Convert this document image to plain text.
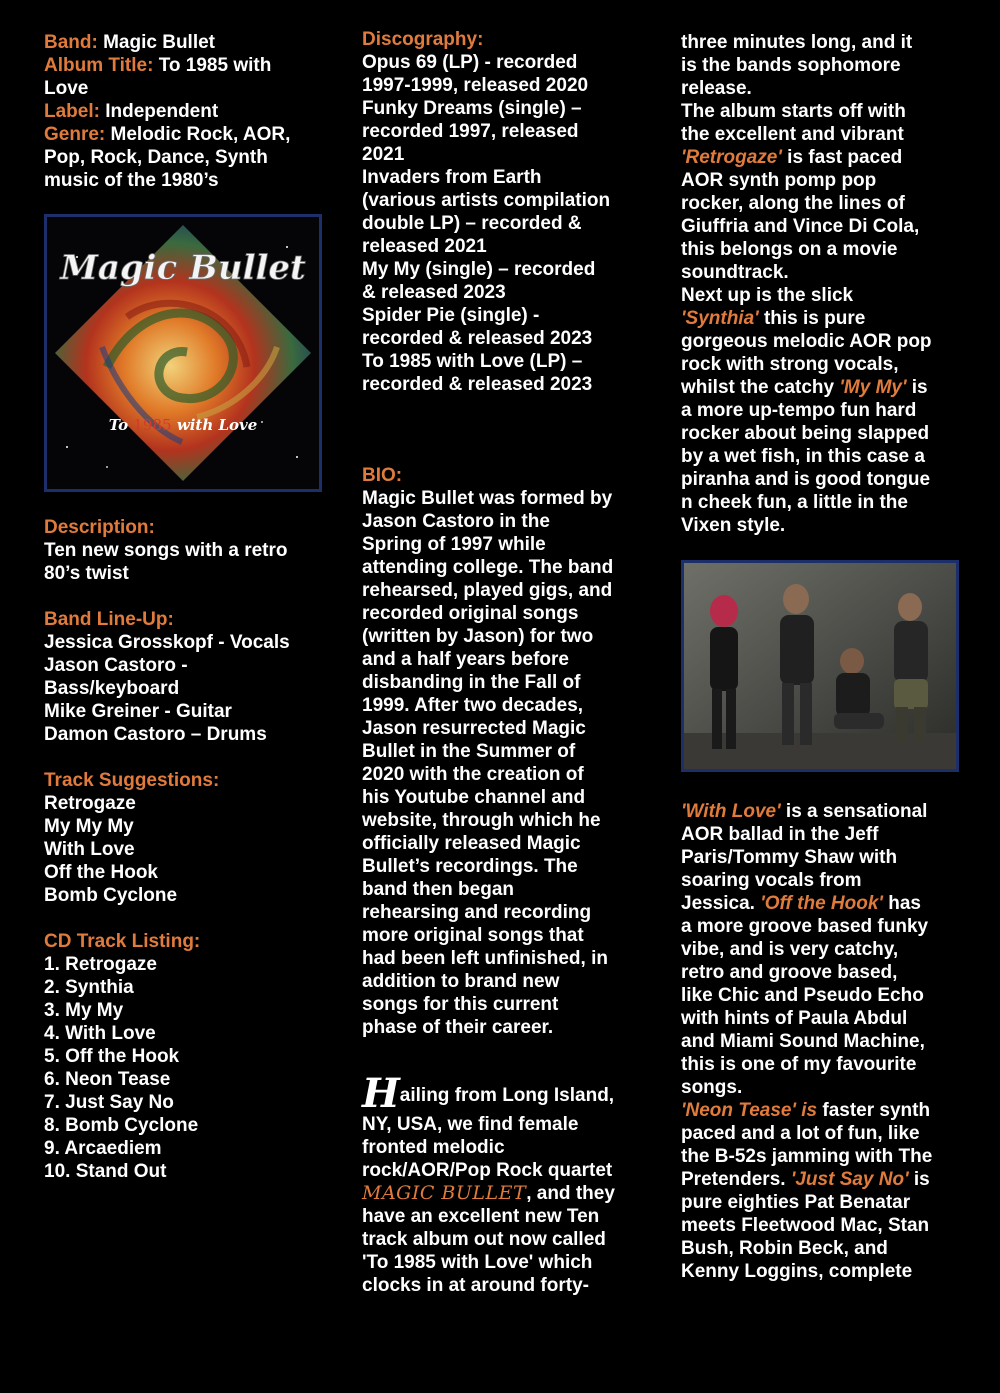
Band: Magic Bullet
Album Title: To 1985 with
Love
Label: Independent
Genre: Melodic Rock, AOR,
Pop, Rock, Dance, Synth
music of the 1980’s
Magic Bullet
To 1985 with Love
Description:
Ten new songs with a retro
80’s twist
Band Line-Up:
Jessica Grosskopf - Vocals
Jason Castoro -
Bass/keyboard
Mike Greiner - Guitar
Damon Castoro – Drums
Track Suggestions:
Retrogaze
My My My
With Love
Off the Hook
Bomb Cyclone
CD Track Listing:
1. Retrogaze
2. Synthia
3. My My
4. With Love
5. Off the Hook
6. Neon Tease
7. Just Say No
8. Bomb Cyclone
9. Arcaediem
10. Stand Out
Discography:
Opus 69 (LP) - recorded
1997-1999, released 2020
Funky Dreams (single) –
recorded 1997, released
2021
Invaders from Earth
(various artists compilation
double LP) – recorded &
released 2021
My My (single) – recorded
& released 2023
Spider Pie (single) -
recorded & released 2023
To 1985 with Love (LP) –
recorded & released 2023
BIO:
Magic Bullet was formed by
Jason Castoro in the
Spring of 1997 while
attending college. The band
rehearsed, played gigs, and
recorded original songs
(written by Jason) for two
and a half years before
disbanding in the Fall of
1999. After two decades,
Jason resurrected Magic
Bullet in the Summer of
2020 with the creation of
his Youtube channel and
website, through which he
officially released Magic
Bullet’s recordings. The
band then began
rehearsing and recording
more original songs that
had been left unfinished, in
addition to brand new
songs for this current
phase of their career.
Hailing from Long Island,
NY, USA, we find female
fronted melodic
rock/AOR/Pop Rock quartet
MAGIC BULLET, and they
have an excellent new Ten
track album out now called
'To 1985 with Love' which
clocks in at around forty-
three minutes long, and it
is the bands sophomore
release.
The album starts off with
the excellent and vibrant
'Retrogaze' is fast paced
AOR synth pomp pop
rocker, along the lines of
Giuffria and Vince Di Cola,
this belongs on a movie
soundtrack.
Next up is the slick
'Synthia' this is pure
gorgeous melodic AOR pop
rock with strong vocals,
whilst the catchy 'My My' is
a more up-tempo fun hard
rocker about being slapped
by a wet fish, in this case a
piranha and is good tongue
n cheek fun, a little in the
Vixen style.
'With Love' is a sensational
AOR ballad in the Jeff
Paris/Tommy Shaw with
soaring vocals from
Jessica. 'Off the Hook' has
a more groove based funky
vibe, and is very catchy,
retro and groove based,
like Chic and Pseudo Echo
with hints of Paula Abdul
and Miami Sound Machine,
this is one of my favourite
songs.
'Neon Tease' is faster synth
paced and a lot of fun, like
the B-52s jamming with The
Pretenders. 'Just Say No' is
pure eighties Pat Benatar
meets Fleetwood Mac, Stan
Bush, Robin Beck, and
Kenny Loggins, complete
